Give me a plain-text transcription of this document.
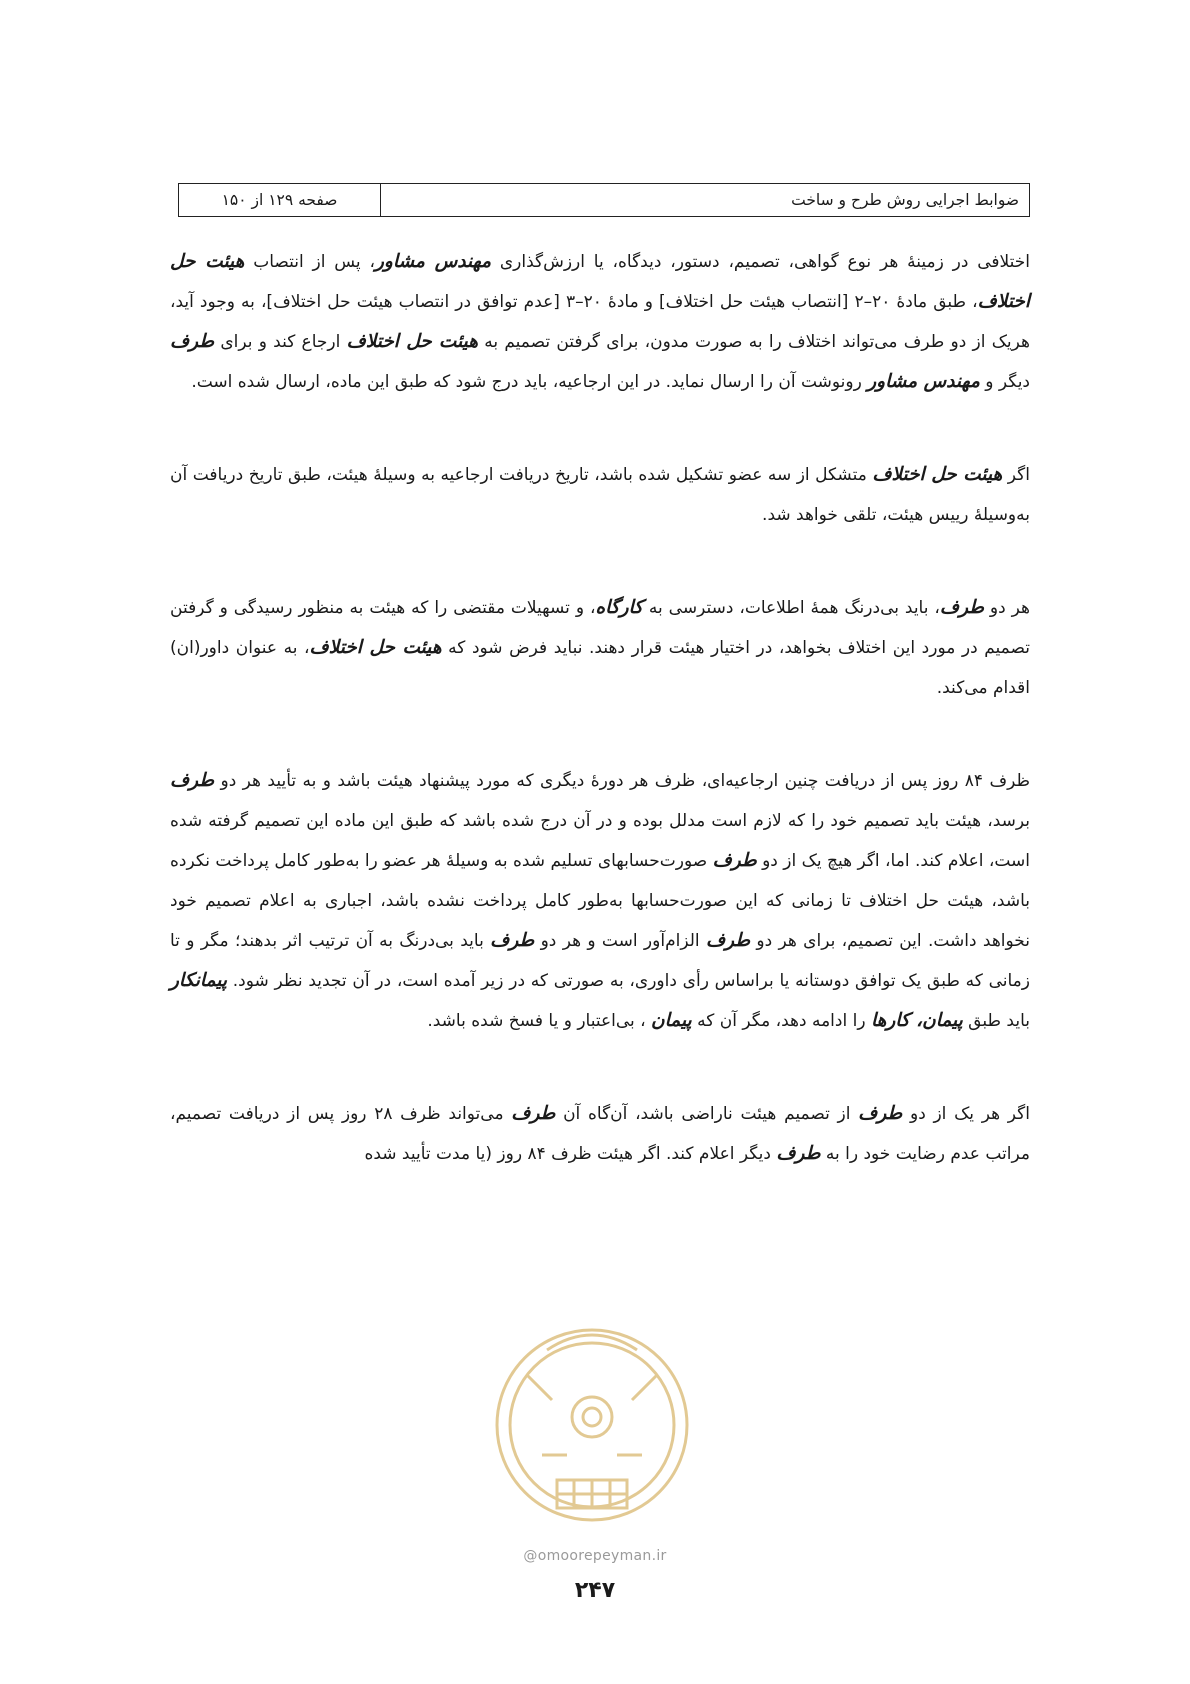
صفحه ۱۲۹ از ۱۵۰	ضوابط اجرایی روش طرح و ساخت

اختلافی در زمینهٔ هر نوع گواهی، تصمیم، دستور، دیدگاه، یا ارزش‌گذاری مهندس مشاور، پس از انتصاب هیئت حل اختلاف، طبق مادهٔ ۲۰–۲ [انتصاب هیئت حل اختلاف] و مادهٔ ۲۰–۳ [عدم توافق در انتصاب هیئت حل اختلاف]، به وجود آید، هریک از دو طرف می‌تواند اختلاف را به صورت مدون، برای گرفتن تصمیم به هیئت حل اختلاف ارجاع کند و برای طرف دیگر و مهندس مشاور رونوشت آن را ارسال نماید. در این ارجاعیه، باید درج شود که طبق این ماده، ارسال شده است.

اگر هیئت حل اختلاف متشکل از سه عضو تشکیل شده باشد، تاریخ دریافت ارجاعیه به وسیلهٔ هیئت، طبق تاریخ دریافت آن به‌وسیلهٔ رییس هیئت، تلقی خواهد شد.

هر دو طرف، باید بی‌درنگ همهٔ اطلاعات، دسترسی به کارگاه، و تسهیلات مقتضی را که هیئت به منظور رسیدگی و گرفتن تصمیم در مورد این اختلاف بخواهد، در اختیار هیئت قرار دهند. نباید فرض شود که هیئت حل اختلاف، به عنوان داور(ان) اقدام می‌کند.

ظرف ۸۴ روز پس از دریافت چنین ارجاعیه‌ای، ظرف هر دورهٔ دیگری که مورد پیشنهاد هیئت باشد و به تأیید هر دو طرف برسد، هیئت باید تصمیم خود را که لازم است مدلل بوده و در آن درج شده باشد که طبق این ماده این تصمیم گرفته شده است، اعلام کند. اما، اگر هیچ یک از دو طرف صورت‌حسابهای تسلیم شده به وسیلهٔ هر عضو را به‌طور کامل پرداخت نکرده باشد، هیئت حل اختلاف تا زمانی که این صورت‌حسابها به‌طور کامل پرداخت نشده باشد، اجباری به اعلام تصمیم خود نخواهد داشت. این تصمیم، برای هر دو طرف الزام‌آور است و هر دو طرف باید بی‌درنگ به آن ترتیب اثر بدهند؛ مگر و تا زمانی که طبق یک توافق دوستانه یا براساس رأی داوری، به صورتی که در زیر آمده است، در آن تجدید نظر شود. پیمانکار باید طبق پیمان، کارها را ادامه دهد، مگر آن که پیمان ، بی‌اعتبار و یا فسخ شده باشد.

اگر هر یک از دو طرف از تصمیم هیئت ناراضی باشد، آن‌گاه آن طرف می‌تواند ظرف ۲۸ روز پس از دریافت تصمیم، مراتب عدم رضایت خود را به طرف دیگر اعلام کند. اگر هیئت ظرف ۸۴ روز (یا مدت تأیید شده

@omoorepeyman.ir
۲۴۷
